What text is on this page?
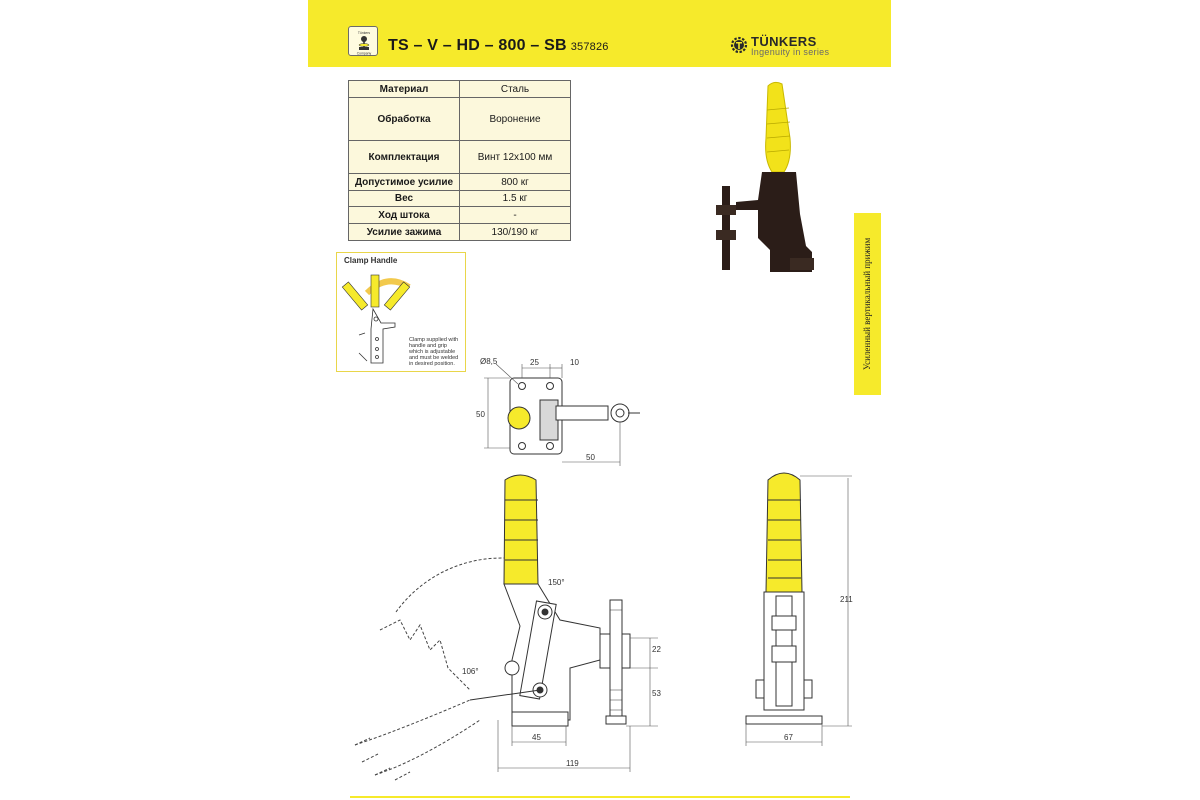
Tünkers
Company TS – V – HD – 800 – SB 357826	TÜNKERS
Ingenuity in series
Материал	Сталь
Обработка	Воронение
Комплектация	Винт 12x100 мм
Допустимое усилие	800 кг
Вес	1.5 кг
Ход штока	-
Усилие зажима	130/190 кг
Clamp Handle
Clamp supplied with
handle and grip
which is adjustable
and must be welded
in desired position.	Усиленный вертикальный прижим
Ø8,5	25	10
50
50
150°
106°
22
53
45
119
211
67
